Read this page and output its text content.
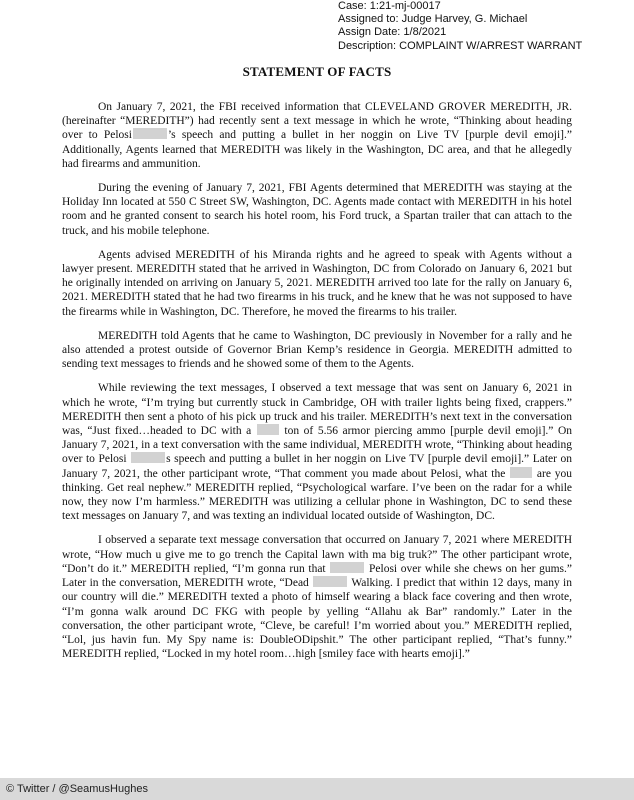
Case: 1:21-mj-00017
Assigned to: Judge Harvey, G. Michael
Assign Date: 1/8/2021
Description: COMPLAINT W/ARREST WARRANT
STATEMENT OF FACTS

On January 7, 2021, the FBI received information that CLEVELAND GROVER MEREDITH, JR. (hereinafter “MEREDITH”) had recently sent a text message in which he wrote, “Thinking about heading over to Pelosi	’s speech and putting a bullet in her noggin on Live TV [purple devil emoji].” Additionally, Agents learned that MEREDITH was likely in the Washington, DC area, and that he allegedly had firearms and ammunition.

During the evening of January 7, 2021, FBI Agents determined that MEREDITH was staying at the Holiday Inn located at 550 C Street SW, Washington, DC. Agents made contact with MEREDITH in his hotel room and he granted consent to search his hotel room, his Ford truck, a Spartan trailer that can attach to the truck, and his mobile telephone.

Agents advised MEREDITH of his Miranda rights and he agreed to speak with Agents without a lawyer present. MEREDITH stated that he arrived in Washington, DC from Colorado on January 6, 2021 but he originally intended on arriving on January 5, 2021. MEREDITH arrived too late for the rally on January 6, 2021. MEREDITH stated that he had two firearms in his truck, and he knew that he was not supposed to have the firearms while in Washington, DC. Therefore, he moved the firearms to his trailer.

MEREDITH told Agents that he came to Washington, DC previously in November for a rally and he also attended a protest outside of Governor Brian Kemp’s residence in Georgia. MEREDITH admitted to sending text messages to friends and he showed some of them to the Agents.

While reviewing the text messages, I observed a text message that was sent on January 6, 2021 in which he wrote, “I’m trying but currently stuck in Cambridge, OH with trailer lights being fixed, crappers.” MEREDITH then sent a photo of his pick up truck and his trailer. MEREDITH’s next text in the conversation was, “Just fixed…headed to DC with a	ton of 5.56 armor piercing ammo [purple devil emoji].” On January 7, 2021, in a text conversation with the same individual, MEREDITH wrote, “Thinking about heading over to Pelosi	s speech and putting a bullet in her noggin on Live TV [purple devil emoji].” Later on January 7, 2021, the other participant wrote, “That comment you made about Pelosi, what the	are you thinking. Get real nephew.” MEREDITH replied, “Psychological warfare. I’ve been on the radar for a while now, they now I’m harmless.” MEREDITH was utilizing a cellular phone in Washington, DC to send these text messages on January 7, and was texting an individual located outside of Washington, DC.

I observed a separate text message conversation that occurred on January 7, 2021 where MEREDITH wrote, “How much u give me to go trench the Capital lawn with ma big truk?” The other participant wrote, “Don’t do it.” MEREDITH replied, “I’m gonna run that	Pelosi over while she chews on her gums.” Later in the conversation, MEREDITH wrote, “Dead	Walking. I predict that within 12 days, many in our country will die.” MEREDITH texted a photo of himself wearing a black face covering and then wrote, “I’m gonna walk around DC FKG with people by yelling “Allahu ak Bar” randomly.” Later in the conversation, the other participant wrote, “Cleve, be careful! I’m worried about you.” MEREDITH replied, “Lol, jus havin fun. My Spy name is: DoubleODipshit.” The other participant replied, “That’s funny.” MEREDITH replied, “Locked in my hotel room…high [smiley face with hearts emoji].”

© Twitter / @SeamusHughes
